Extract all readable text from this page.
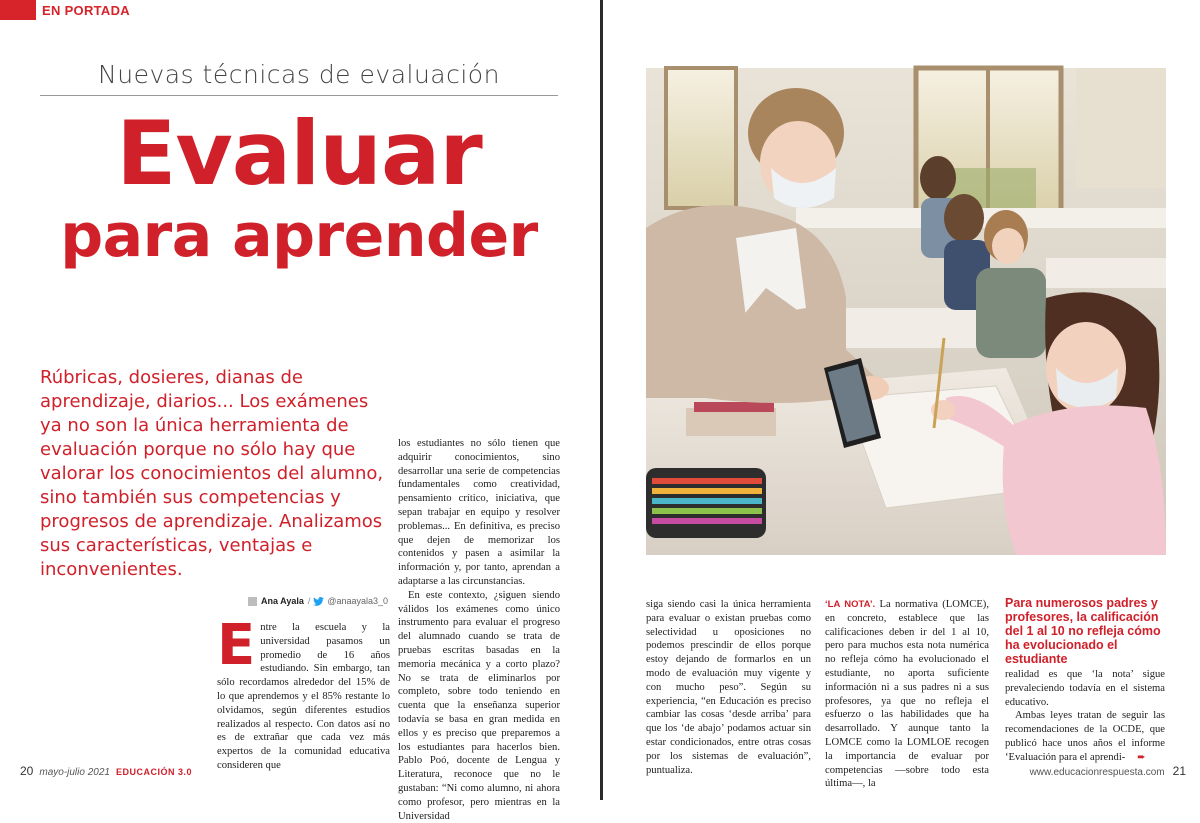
EN PORTADA
Nuevas técnicas de evaluación
Evaluar
para aprender
Rúbricas, dosieres, dianas de aprendizaje, diarios... Los exámenes ya no son la única herramienta de evaluación porque no sólo hay que valorar los conocimientos del alumno, sino también sus competencias y progresos de aprendizaje. Analizamos sus características, ventajas e inconvenientes.
Ana Ayala / @anaayala3_0

Entre la escuela y la universidad pasamos un promedio de 16 años estudiando. Sin embargo, tan sólo recordamos alrededor del 15% de lo que aprendemos y el 85% restante lo olvidamos, según diferentes estudios realizados al respecto. Con datos así no es de extrañar que cada vez más expertos de la comunidad educativa consideren que

los estudiantes no sólo tienen que adquirir conocimientos, sino desarrollar una serie de competencias fundamentales como creatividad, pensamiento crítico, iniciativa, que sepan trabajar en equipo y resolver problemas... En definitiva, es preciso que dejen de memorizar los contenidos y pasen a asimilar la información y, por tanto, aprendan a adaptarse a las circunstancias.

En este contexto, ¿siguen siendo válidos los exámenes como único instrumento para evaluar el progreso del alumnado cuando se trata de pruebas escritas basadas en la memoria mecánica y a corto plazo? No se trata de eliminarlos por completo, sobre todo teniendo en cuenta que la enseñanza superior todavía se basa en gran medida en ellos y es preciso que preparemos a los estudiantes para hacerlos bien. Pablo Poó, docente de Lengua y Literatura, reconoce que no le gustaban: “Ni como alumno, ni ahora como profesor, pero mientras en la Universidad

20 mayo-julio 2021 EDUCACIÓN 3.0

siga siendo casi la única herramienta para evaluar o existan pruebas como selectividad u oposiciones no podemos prescindir de ellos porque estoy dejando de formarlos en un modo de evaluación muy vigente y con mucho peso”. Según su experiencia, “en Educación es preciso cambiar las cosas ‘desde arriba’ para que los ‘de abajo’ podamos actuar sin estar condicionados, entre otras cosas por los sistemas de evaluación”, puntualiza.

‘LA NOTA’. La normativa (LOMCE), en concreto, establece que las calificaciones deben ir del 1 al 10, pero para muchos esta nota numérica no refleja cómo ha evolucionado el estudiante, no aporta suficiente información ni a sus padres ni a sus profesores, ya que no refleja el esfuerzo o las habilidades que ha desarrollado. Y aunque tanto la LOMCE como la LOMLOE recogen la importancia de evaluar por competencias —sobre todo esta última—, la

Para numerosos padres y profesores, la calificación del 1 al 10 no refleja cómo ha evolucionado el estudiante

realidad es que ‘la nota’ sigue prevaleciendo todavía en el sistema educativo.

Ambas leyes tratan de seguir las recomendaciones de la OCDE, que publicó hace unos años el informe ‘Evaluación para el aprendi- ➨

www.educacionrespuesta.com 21
